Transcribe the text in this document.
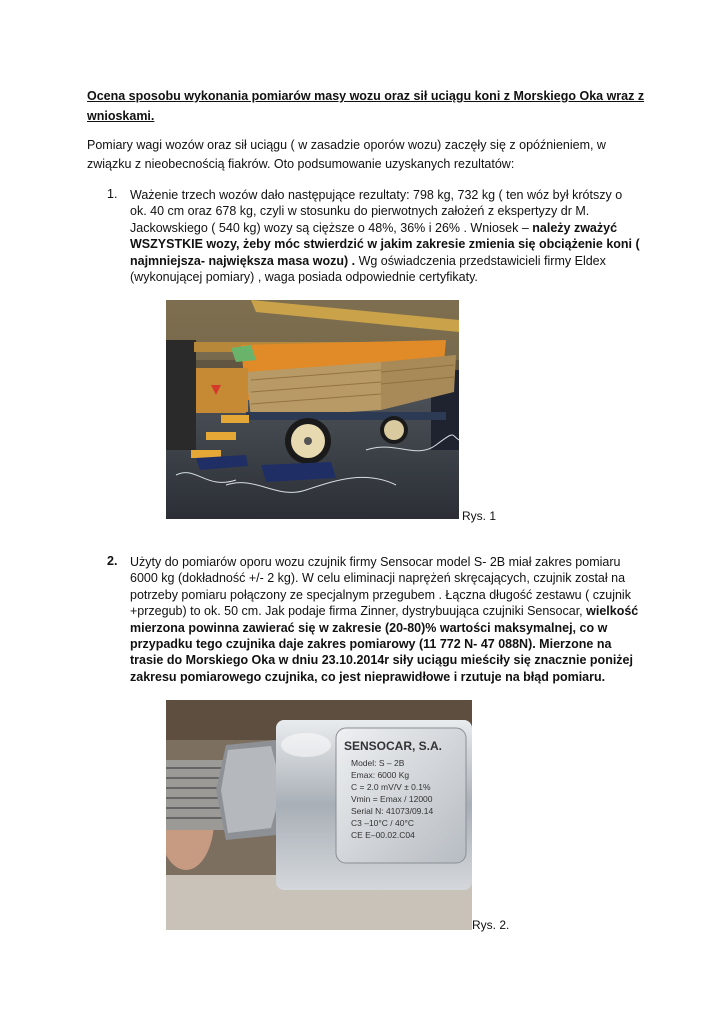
Ocena sposobu wykonania pomiarów masy wozu oraz sił uciągu koni z Morskiego Oka wraz z wnioskami.
Pomiary wagi wozów oraz sił uciągu ( w zasadzie oporów wozu) zaczęły się z opóźnieniem, w związku z nieobecnością fiakrów. Oto podsumowanie uzyskanych rezultatów:
1. Ważenie trzech wozów dało następujące rezultaty: 798 kg, 732 kg ( ten wóz był krótszy o ok. 40 cm oraz 678 kg, czyli w stosunku do pierwotnych założeń z ekspertyzy dr M. Jackowskiego ( 540 kg) wozy są cięższe o 48%, 36% i 26% . Wniosek – należy zważyć WSZYSTKIE wozy, żeby móc stwierdzić w jakim zakresie zmienia się obciążenie koni ( najmniejsza- największa masa wozu) . Wg oświadczenia przedstawicieli firmy Eldex (wykonującej pomiary) , waga posiada odpowiednie certyfikaty.
Rys. 1
2. Użyty do pomiarów oporu wozu czujnik firmy Sensocar model S- 2B miał zakres pomiaru 6000 kg (dokładność +/- 2 kg). W celu eliminacji naprężeń skręcających, czujnik został na potrzeby pomiaru połączony ze specjalnym przegubem . Łączna długość zestawu ( czujnik +przegub) to ok. 50 cm. Jak podaje firma Zinner, dystrybuująca czujniki Sensocar, wielkość mierzona powinna zawierać się w zakresie (20-80)% wartości maksymalnej, co w przypadku tego czujnika daje zakres pomiarowy (11 772 N- 47 088N). Mierzone na trasie do Morskiego Oka w dniu 23.10.2014r siły uciągu mieściły się znacznie poniżej zakresu pomiarowego czujnika, co jest nieprawidłowe i rzutuje na błąd pomiaru.
SENSOCAR, S.A.
Model: S – 2B
Emax: 6000 Kg
C = 2.0 mV/V ± 0.1%
Vmin = Emax / 12000
Serial N: 41073/09.14
C3 –10°C / 40°C
CE E–00.02.C04
Rys. 2.
